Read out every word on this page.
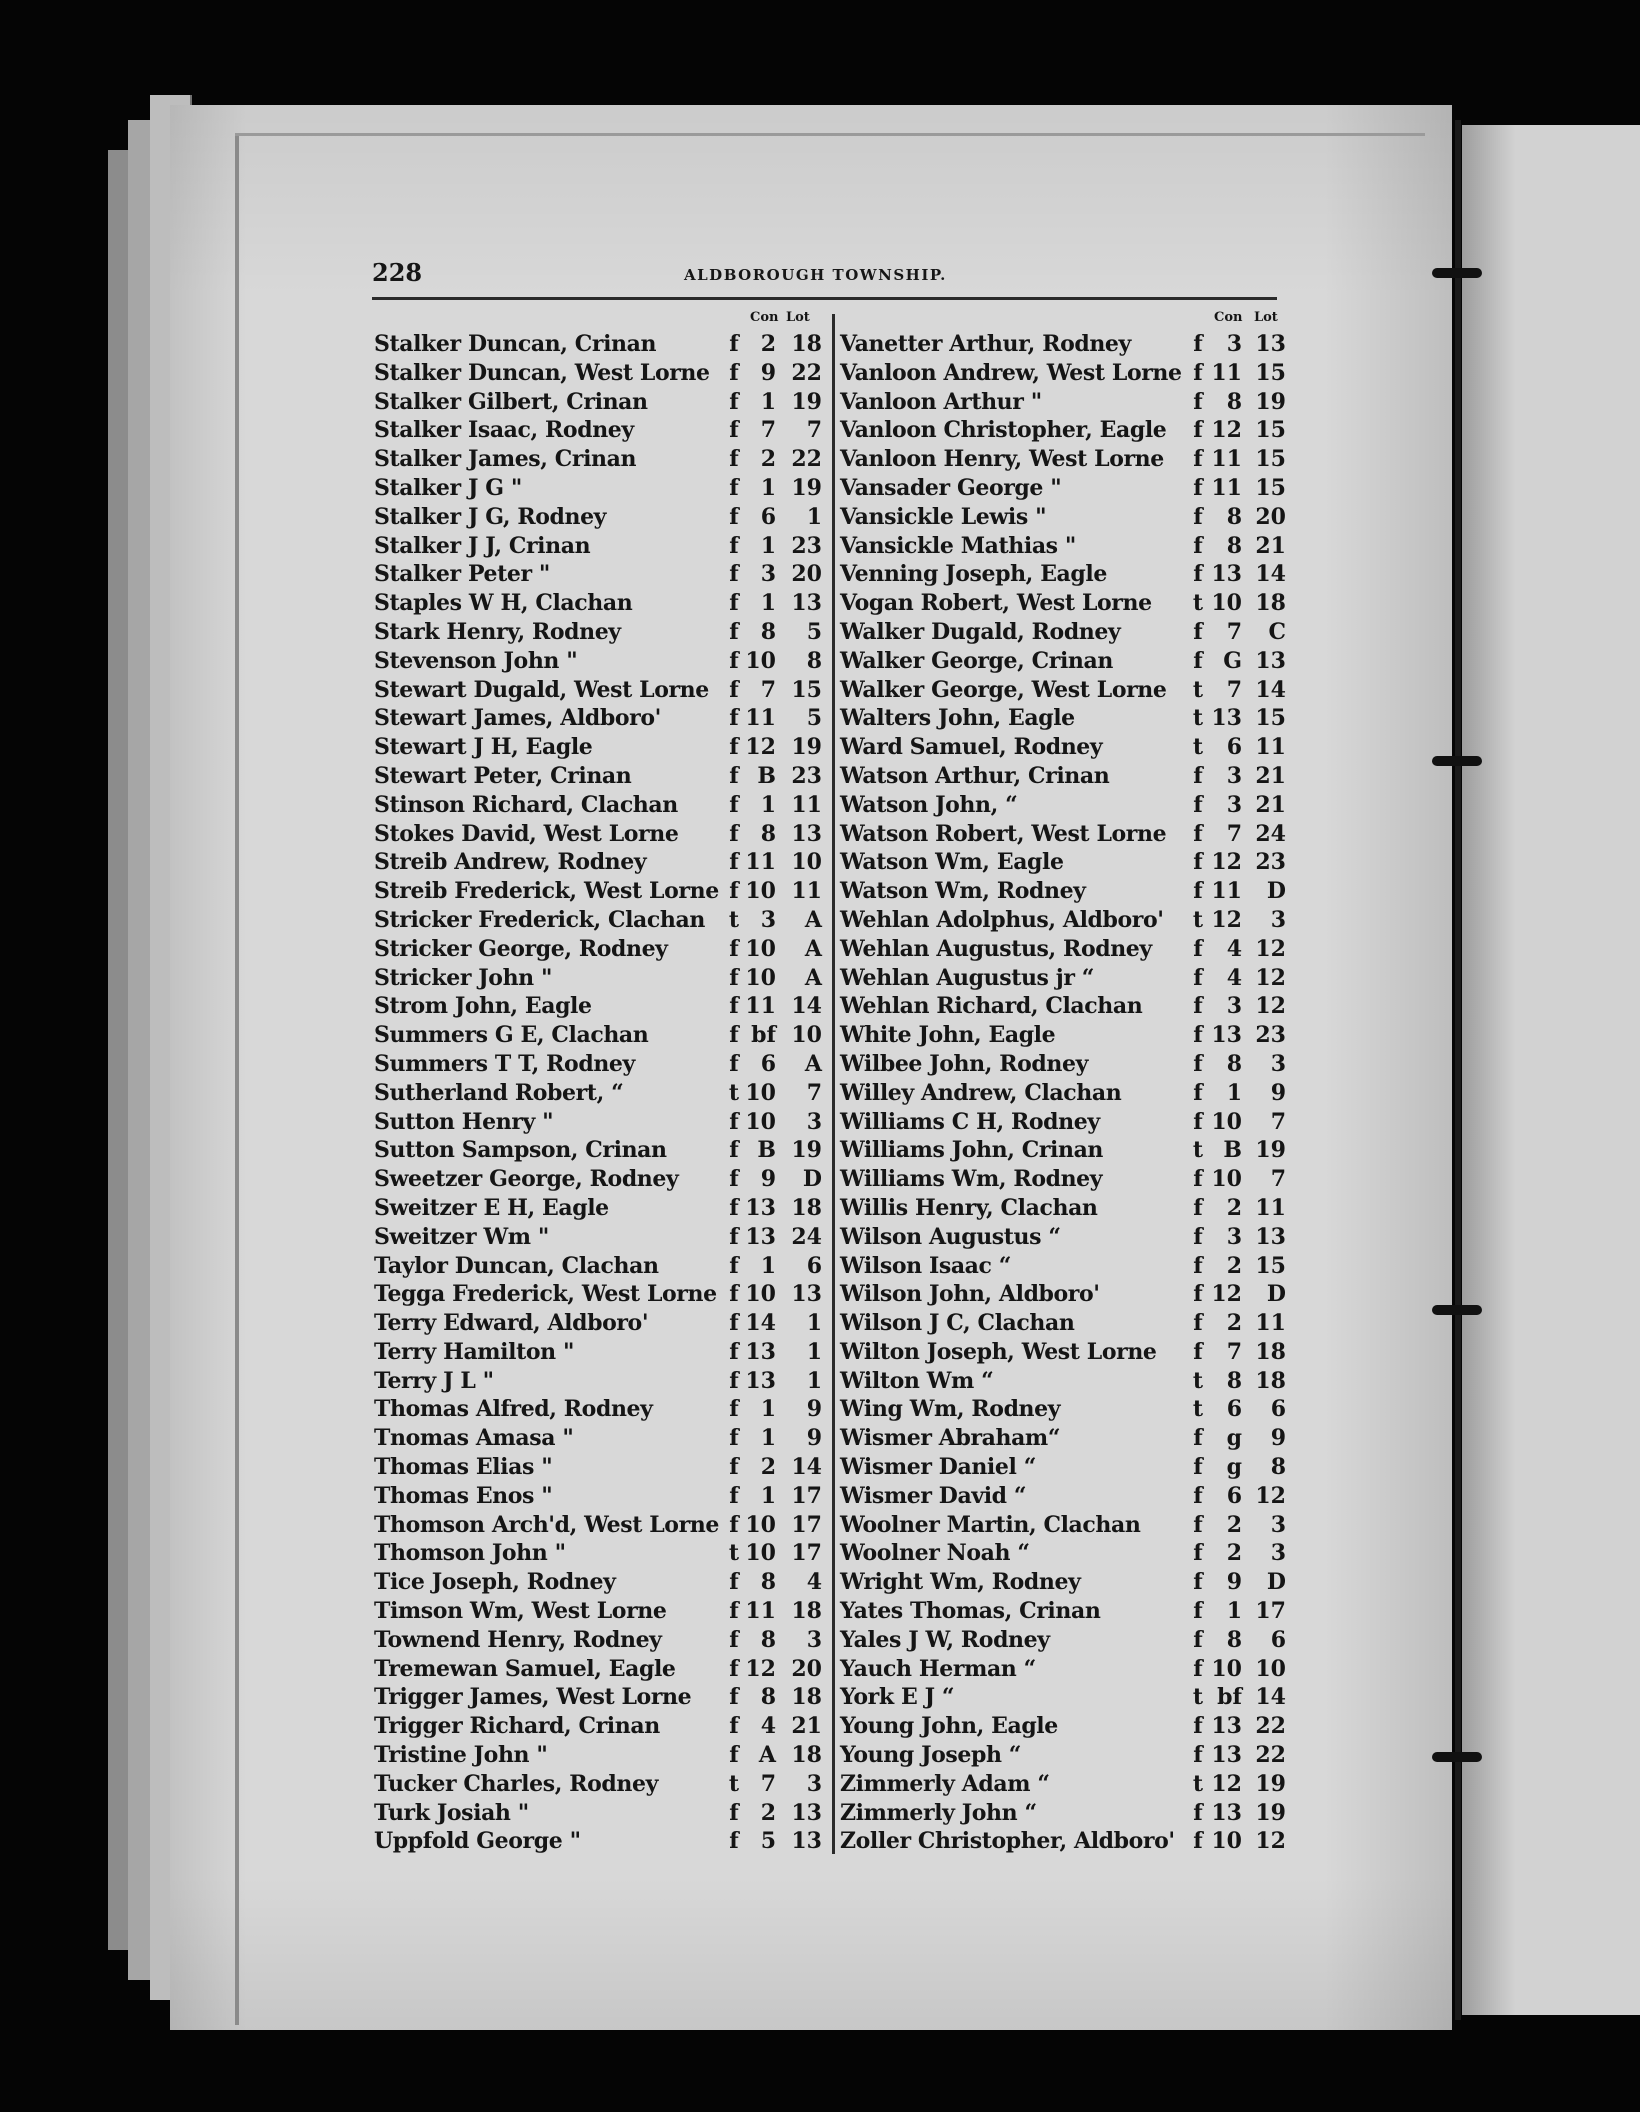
228	ALDBOROUGH TOWNSHIP.
Con Lot
Stalker Duncan, Crinan	f 2 18
Stalker Duncan, West Lorne f 9 22
Stalker Gilbert, Crinan	f 1 19
Stalker Isaac, Rodney	f 7	7
Stalker James, Crinan	f 2 22
Stalker J G "	f 1 19
Stalker J G, Rodney	f 6	1
Stalker J J, Crinan	f 1 23
Stalker Peter "	f 3 20
Staples W H, Clachan	f 1 13
Stark Henry, Rodney	f 8	5
Stevenson John "	f 10	8
Stewart Dugald, West Lorne f 7 15
Stewart James, Aldboro'	f 11	5
Stewart J H, Eagle	f 12 19
Stewart Peter, Crinan	f B 23
Stinson Richard, Clachan f 1 11
Stokes David, West Lorne f 8 13
Streib Andrew, Rodney	f 11 10
Streib Frederick, West Lorne f 10 11
Stricker Frederick, Clachan t 3	A
Stricker George, Rodney	f 10	A
Stricker John "	f 10	A
Strom John, Eagle	f 11 14
Summers G E, Clachan	f bf 10
Summers T T, Rodney	f 6	A
Sutherland Robert, “	t 10	7
Sutton Henry "	f 10	3
Sutton Sampson, Crinan	f B 19
Sweetzer George, Rodney f 9	D
Sweitzer E H, Eagle	f 13 18
Sweitzer Wm "	f 13 24
Taylor Duncan, Clachan	f 1	6
Tegga Frederick, West Lorne f 10 13
Terry Edward, Aldboro'	f 14	1
Terry Hamilton "	f 13	1
Terry J L "	f 13	1
Thomas Alfred, Rodney	f 1	9
Tnomas Amasa "	f 1	9
Thomas Elias "	f 2 14
Thomas Enos "	f 1 17
Thomson Arch'd, West Lorne f 10 17
Thomson John "	t 10 17
Tice Joseph, Rodney	f 8	4
Timson Wm, West Lorne	f 11 18
Townend Henry, Rodney	f 8	3
Tremewan Samuel, Eagle f 12 20
Trigger James, West Lorne f 8 18
Trigger Richard, Crinan	f 4 21
Tristine John "	f A 18
Tucker Charles, Rodney	t 7	3
Turk Josiah "	f 2 13
Uppfold George "	f 5 13
Con Lot
Vanetter Arthur, Rodney	f	3 13
Vanloon Andrew, West Lorne f 11 15
Vanloon Arthur "	f	8 19
Vanloon Christopher, Eagle f 12 15
Vanloon Henry, West Lorne f 11 15
Vansader George "	f 11 15
Vansickle Lewis "	f	8 20
Vansickle Mathias "	f	8 21
Venning Joseph, Eagle	f 13 14
Vogan Robert, West Lorne t 10 18
Walker Dugald, Rodney	f	7	C
Walker George, Crinan	f G 13
Walker George, West Lorne t	7 14
Walters John, Eagle	t 13 15
Ward Samuel, Rodney	t	6 11
Watson Arthur, Crinan	f	3 21
Watson John, “	f	3 21
Watson Robert, West Lorne f	7 24
Watson Wm, Eagle	f 12 23
Watson Wm, Rodney	f 11	D
Wehlan Adolphus, Aldboro' t 12	3
Wehlan Augustus, Rodney f	4 12
Wehlan Augustus jr “	f	4 12
Wehlan Richard, Clachan f	3 12
White John, Eagle	f 13 23
Wilbee John, Rodney	f	8	3
Willey Andrew, Clachan	f	1	9
Williams C H, Rodney	f 10	7
Williams John, Crinan	t B 19
Williams Wm, Rodney	f 10	7
Willis Henry, Clachan	f	2 11
Wilson Augustus “	f	3 13
Wilson Isaac “	f	2 15
Wilson John, Aldboro'	f 12	D
Wilson J C, Clachan	f	2 11
Wilton Joseph, West Lorne f	7 18
Wilton Wm “	t	8 18
Wing Wm, Rodney	t	6	6
Wismer Abraham“	f	g	9
Wismer Daniel “	f	g	8
Wismer David “	f	6 12
Woolner Martin, Clachan f	2	3
Woolner Noah “	f	2	3
Wright Wm, Rodney	f	9	D
Yates Thomas, Crinan	f	1 17
Yales J W, Rodney	f	8	6
Yauch Herman “	f 10 10
York E J “	t bf 14
Young John, Eagle	f 13 22
Young Joseph “	f 13 22
Zimmerly Adam “	t 12 19
Zimmerly John “	f 13 19
Zoller Christopher, Aldboro' f 10 12
